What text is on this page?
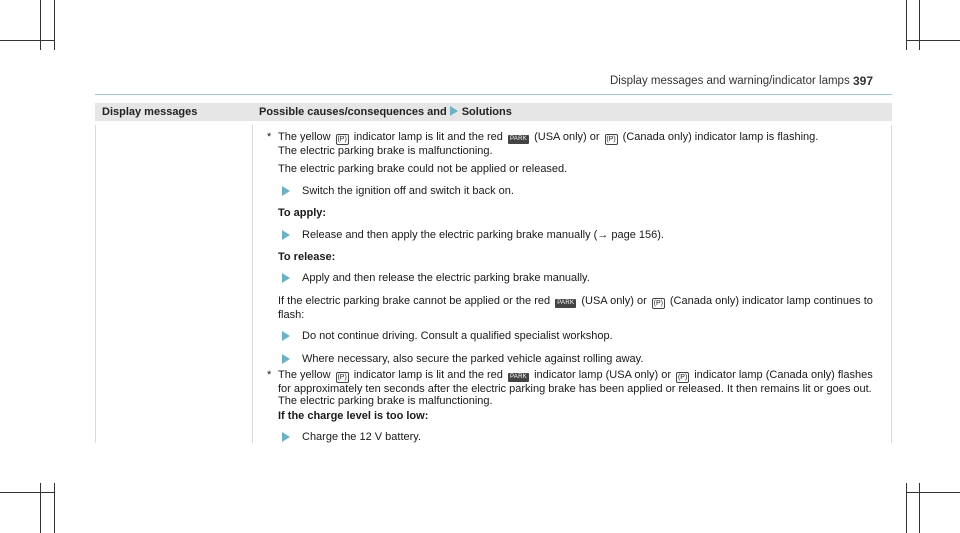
Display messages and warning/indicator lamps 397
Display messages	Possible causes/consequences and Solutions
* The yellow (P) indicator lamp is lit and the red PARK (USA only) or (P) (Canada only) indicator lamp is flashing.
The electric parking brake is malfunctioning.

The electric parking brake could not be applied or released.

Switch the ignition off and switch it back on.

To apply:

Release and then apply the electric parking brake manually (→ page 156).

To release:

Apply and then release the electric parking brake manually.

If the electric parking brake cannot be applied or the red PARK (USA only) or (P) (Canada only) indicator lamp continues to flash:

Do not continue driving. Consult a qualified specialist workshop.
Where necessary, also secure the parked vehicle against rolling away.
* The yellow (P) indicator lamp is lit and the red PARK indicator lamp (USA only) or (P) indicator lamp (Canada only) flashes for approximately ten seconds after the electric parking brake has been applied or released. It then remains lit or goes out. The electric parking brake is malfunctioning.

If the charge level is too low:

Charge the 12 V battery.
